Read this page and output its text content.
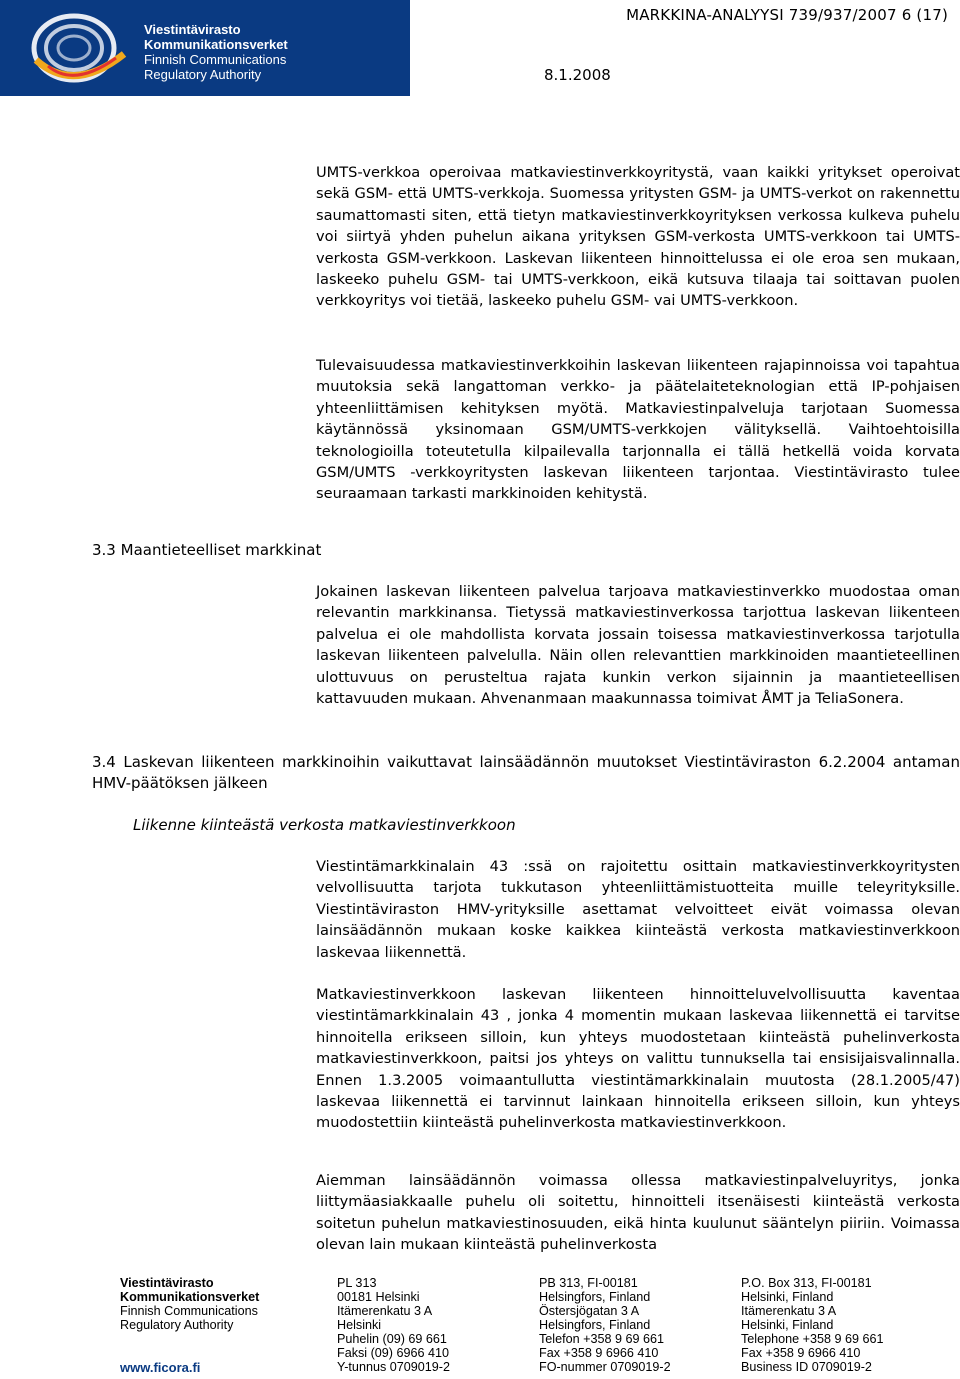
Viestintävirasto
Kommunikationsverket
Finnish Communications
Regulatory Authority
MARKKINA-ANALYYSI 739/937/2007 6 (17)
8.1.2008

UMTS-verkkoa operoivaa matkaviestinverkkoyritystä, vaan kaikki yritykset operoivat sekä GSM- että UMTS-verkkoja. Suomessa yritysten GSM- ja UMTS-verkot on rakennettu saumattomasti siten, että tietyn matkaviestinverkkoyrityksen verkossa kulkeva puhelu voi siirtyä yhden puhelun aikana yrityksen GSM-verkosta UMTS-verkkoon tai UMTS-verkosta GSM-verkkoon. Laskevan liikenteen hinnoittelussa ei ole eroa sen mukaan, laskeeko puhelu GSM- tai UMTS-verkkoon, eikä kutsuva tilaaja tai soittavan puolen verkkoyritys voi tietää, laskeeko puhelu GSM- vai UMTS-verkkoon.

Tulevaisuudessa matkaviestinverkkoihin laskevan liikenteen rajapinnoissa voi tapahtua muutoksia sekä langattoman verkko- ja päätelaiteteknologian että IP-pohjaisen yhteenliittämisen kehityksen myötä. Matkaviestinpalveluja tarjotaan Suomessa käytännössä yksinomaan GSM/UMTS-verkkojen välityksellä. Vaihtoehtoisilla teknologioilla toteutetulla kilpailevalla tarjonnalla ei tällä hetkellä voida korvata GSM/UMTS -verkkoyritysten laskevan liikenteen tarjontaa. Viestintävirasto tulee seuraamaan tarkasti markkinoiden kehitystä.

3.3 Maantieteelliset markkinat

Jokainen laskevan liikenteen palvelua tarjoava matkaviestinverkko muodostaa oman relevantin markkinansa. Tietyssä matkaviestinverkossa tarjottua laskevan liikenteen palvelua ei ole mahdollista korvata jossain toisessa matkaviestinverkossa tarjotulla laskevan liikenteen palvelulla. Näin ollen relevanttien markkinoiden maantieteellinen ulottuvuus on perusteltua rajata kunkin verkon sijainnin ja maantieteellisen kattavuuden mukaan. Ahvenanmaan maakunnassa toimivat ÅMT ja TeliaSonera.

3.4 Laskevan liikenteen markkinoihin vaikuttavat lainsäädännön muutokset Viestintäviraston 6.2.2004 antaman HMV-päätöksen jälkeen

Liikenne kiinteästä verkosta matkaviestinverkkoon

Viestintämarkkinalain 43 :ssä on rajoitettu osittain matkaviestinverkkoyritysten velvollisuutta tarjota tukkutason yhteenliittämistuotteita muille teleyrityksille. Viestintäviraston HMV-yrityksille asettamat velvoitteet eivät voimassa olevan lainsäädännön mukaan koske kaikkea kiinteästä verkosta matkaviestinverkkoon laskevaa liikennettä.

Matkaviestinverkkoon laskevan liikenteen hinnoitteluvelvollisuutta kaventaa viestintämarkkinalain 43 , jonka 4 momentin mukaan laskevaa liikennettä ei tarvitse hinnoitella erikseen silloin, kun yhteys muodostetaan kiinteästä puhelinverkosta matkaviestinverkkoon, paitsi jos yhteys on valittu tunnuksella tai ensisijaisvalinnalla. Ennen 1.3.2005 voimaantullutta viestintämarkkinalain muutosta (28.1.2005/47) laskevaa liikennettä ei tarvinnut lainkaan hinnoitella erikseen silloin, kun yhteys muodostettiin kiinteästä puhelinverkosta matkaviestinverkkoon.

Aiemman lainsäädännön voimassa ollessa matkaviestinpalveluyritys, jonka liittymäasiakkaalle puhelu oli soitettu, hinnoitteli itsenäisesti kiinteästä verkosta soitetun puhelun matkaviestinosuuden, eikä hinta kuulunut sääntelyn piiriin. Voimassa olevan lain mukaan kiinteästä puhelinverkosta

Viestintävirasto
Kommunikationsverket
Finnish Communications
Regulatory Authority
www.ficora.fi
PL 313
00181 Helsinki
Itämerenkatu 3 A
Helsinki
Puhelin (09) 69 661
Faksi (09) 6966 410
Y-tunnus 0709019-2
PB 313, FI-00181
Helsingfors, Finland
Östersjögatan 3 A
Helsingfors, Finland
Telefon +358 9 69 661
Fax +358 9 6966 410
FO-nummer 0709019-2
P.O. Box 313, FI-00181
Helsinki, Finland
Itämerenkatu 3 A
Helsinki, Finland
Telephone +358 9 69 661
Fax +358 9 6966 410
Business ID 0709019-2
